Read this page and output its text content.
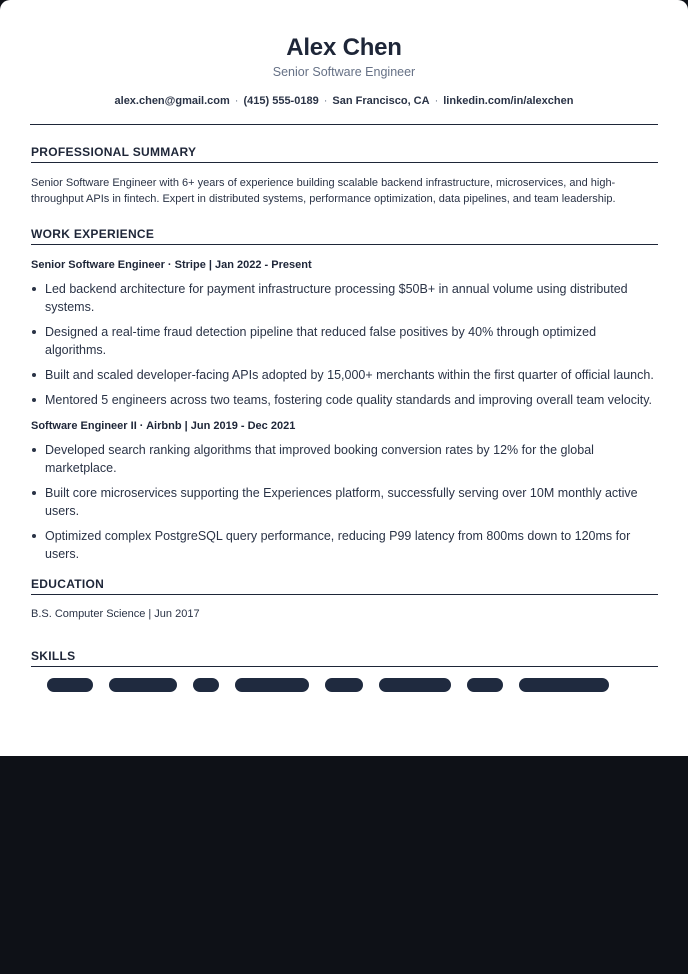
Alex Chen
Senior Software Engineer
alex.chen@gmail.com · (415) 555-0189 · San Francisco, CA · linkedin.com/in/alexchen
PROFESSIONAL SUMMARY
Senior Software Engineer with 6+ years of experience building scalable backend infrastructure, microservices, and high-throughput APIs in fintech. Expert in distributed systems, performance optimization, data pipelines, and team leadership.
WORK EXPERIENCE
Senior Software Engineer · Stripe | Jan 2022 - Present
Led backend architecture for payment infrastructure processing $50B+ in annual volume using distributed systems.
Designed a real-time fraud detection pipeline that reduced false positives by 40% through optimized algorithms.
Built and scaled developer-facing APIs adopted by 15,000+ merchants within the first quarter of official launch.
Mentored 5 engineers across two teams, fostering code quality standards and improving overall team velocity.
Software Engineer II · Airbnb | Jun 2019 - Dec 2021
Developed search ranking algorithms that improved booking conversion rates by 12% for the global marketplace.
Built core microservices supporting the Experiences platform, successfully serving over 10M monthly active users.
Optimized complex PostgreSQL query performance, reducing P99 latency from 800ms down to 120ms for users.
EDUCATION
B.S. Computer Science | Jun 2017
SKILLS
